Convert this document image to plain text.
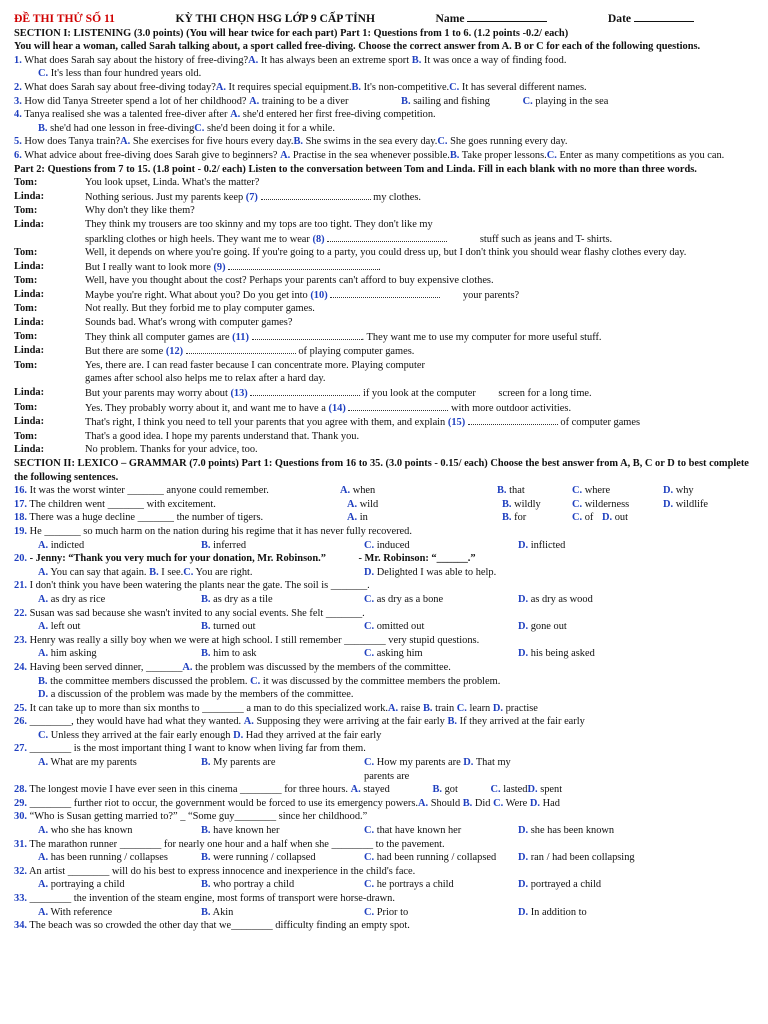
ĐỀ THI THỬ SỐ 11	KỲ THI CHỌN HSG LỚP 9 CẤP TỈNH	Name	Date

SECTION I: LISTENING (3.0 points) (You will hear twice for each part) Part 1: Questions from 1 to 6. (1.2 points -0.2/ each)

You will hear a woman, called Sarah talking about, a sport called free-diving. Choose the correct answer from A. B or C for each of the following questions.

1. What does Sarah say about the history of free-diving?A. It has always been an extreme sport B. It was once a way of finding food.

C. It's less than four hundred years old.

2. What does Sarah say about free-diving today?A. It requires special equipment.B. It's non-competitive.C. It has several different names.

3. How did Tanya Streeter spend a lot of her childhood? A. training to be a diver	B. sailing and fishing	C. playing in the sea

4. Tanya realised she was a talented free-diver after A. she'd entered her first free-diving competition.

B. she'd had one lesson in free-divingC. she'd been doing it for a while.

5. How does Tanya train?A. She exercises for five hours every day.B. She swims in the sea every day.C. She goes running every day.

6. What advice about free-diving does Sarah give to beginners? A. Practise in the sea whenever possible.B. Take proper lessons.C. Enter as many competitions as you can.

Part 2: Questions from 7 to 15. (1.8 point - 0.2/ each) Listen to the conversation between Tom and Linda. Fill in each blank with no more than three words.

Tom:	You look upset, Linda. What's the matter?
Linda:	Nothing serious. Just my parents keep (7)	my clothes.
Tom:	Why don't they like them?
Linda:	They think my trousers are too skinny and my tops are too tight. They don't like my
sparkling clothes or high heels. They want me to wear (8)	stuff such as jeans and T- shirts.
Tom:	Well, it depends on where you're going. If you're going to a party, you could dress up, but I don't think you should wear flashy clothes every day.
Linda:	But I really want to look more (9)	.
Tom:	Well, have you thought about the cost? Perhaps your parents can't afford to buy expensive clothes.
Linda:	Maybe you're right. What about you? Do you get into (10)	your parents?
Tom:	Not really. But they forbid me to play computer games.
Linda:	Sounds bad. What's wrong with computer games?
Tom:	They think all computer games are (11)	. They want me to use my computer for more useful stuff.
Linda:	But there are some (12)	of playing computer games.
Tom:	Yes, there are. I can read faster because I can concentrate more. Playing computer
games after school also helps me to relax after a hard day.
Linda:	But your parents may worry about (13)	if you look at the computer screen for a long time.
Tom:	Yes. They probably worry about it, and want me to have a (14)	with more outdoor activities.
Linda:	That's right, I think you need to tell your parents that you agree with them, and explain (15)	of computer games
Tom:	That's a good idea. I hope my parents understand that. Thank you.
Linda:	No problem. Thanks for your advice, too.

SECTION II: LEXICO – GRAMMAR (7.0 points) Part 1: Questions from 16 to 35. (3.0 points - 0.15/ each) Choose the best answer from A, B, C or D to best complete the following sentences.

16. It was the worst winter _______ anyone could remember.	A. when	B. that	C. where	D. why
17. The children went _______ with excitement.	A. wild	B. wildly	C. wilderness	D. wildlife
18. There was a huge decline _______ the number of tigers.	A. in	B. for	C. of D. out

19. He _______ so much harm on the nation during his regime that it has never fully recovered.

A. indicted	B. inferred	C. induced	D. inflicted

20. - Jenny: “Thank you very much for your donation, Mr. Robinson.”	- Mr. Robinson: “______.”

A. You can say that again. B. I see.C. You are right.	D. Delighted I was able to help.

21. I don't think you have been watering the plants near the gate. The soil is _______.

A. as dry as rice	B. as dry as a tile	C. as dry as a bone	D. as dry as wood

22. Susan was sad because she wasn't invited to any social events. She felt _______.

A. left out	B. turned out	C. omitted out	D. gone out

23. Henry was really a silly boy when we were at high school. I still remember ________ very stupid questions.

A. him asking	B. him to ask	C. asking him	D. his being asked

24. Having been served dinner, _______A. the problem was discussed by the members of the committee.

B. the committee members discussed the problem. C. it was discussed by the committee members the problem.

D. a discussion of the problem was made by the members of the committee.

25. It can take up to more than six months to ________ a man to do this specialized work.A. raise B. train C. learn D. practise

26. ________, they would have had what they wanted. A. Supposing they were arriving at the fair early B. If they arrived at the fair early

C. Unless they arrived at the fair early enough D. Had they arrived at the fair early

27. ________ is the most important thing I want to know when living far from them.

A. What are my parents	B. My parents are	C. How my parents are D. That my parents are

28. The longest movie I have ever seen in this cinema ________ for three hours. A. stayed	B. got	C. lastedD. spent

29. ________ further riot to occur, the government would be forced to use its emergency powers.A. Should B. Did C. Were D. Had

30. “Who is Susan getting married to?” _ “Some guy________ since her childhood.”

A. who she has known	B. have known her	C. that have known her	D. she has been known

31. The marathon runner ________ for nearly one hour and a half when she ________ to the pavement.

A. has been running / collapses	B. were running / collapsed	C. had been running / collapsed	D. ran / had been collapsing

32. An artist ________ will do his best to express innocence and inexperience in the child's face.

A. portraying a child	B. who portray a child	C. he portrays a child	D. portrayed a child

33. ________ the invention of the steam engine, most forms of transport were horse-drawn.

A. With reference	B. Akin	C. Prior to	D. In addition to

34. The beach was so crowded the other day that we________ difficulty finding an empty spot.
